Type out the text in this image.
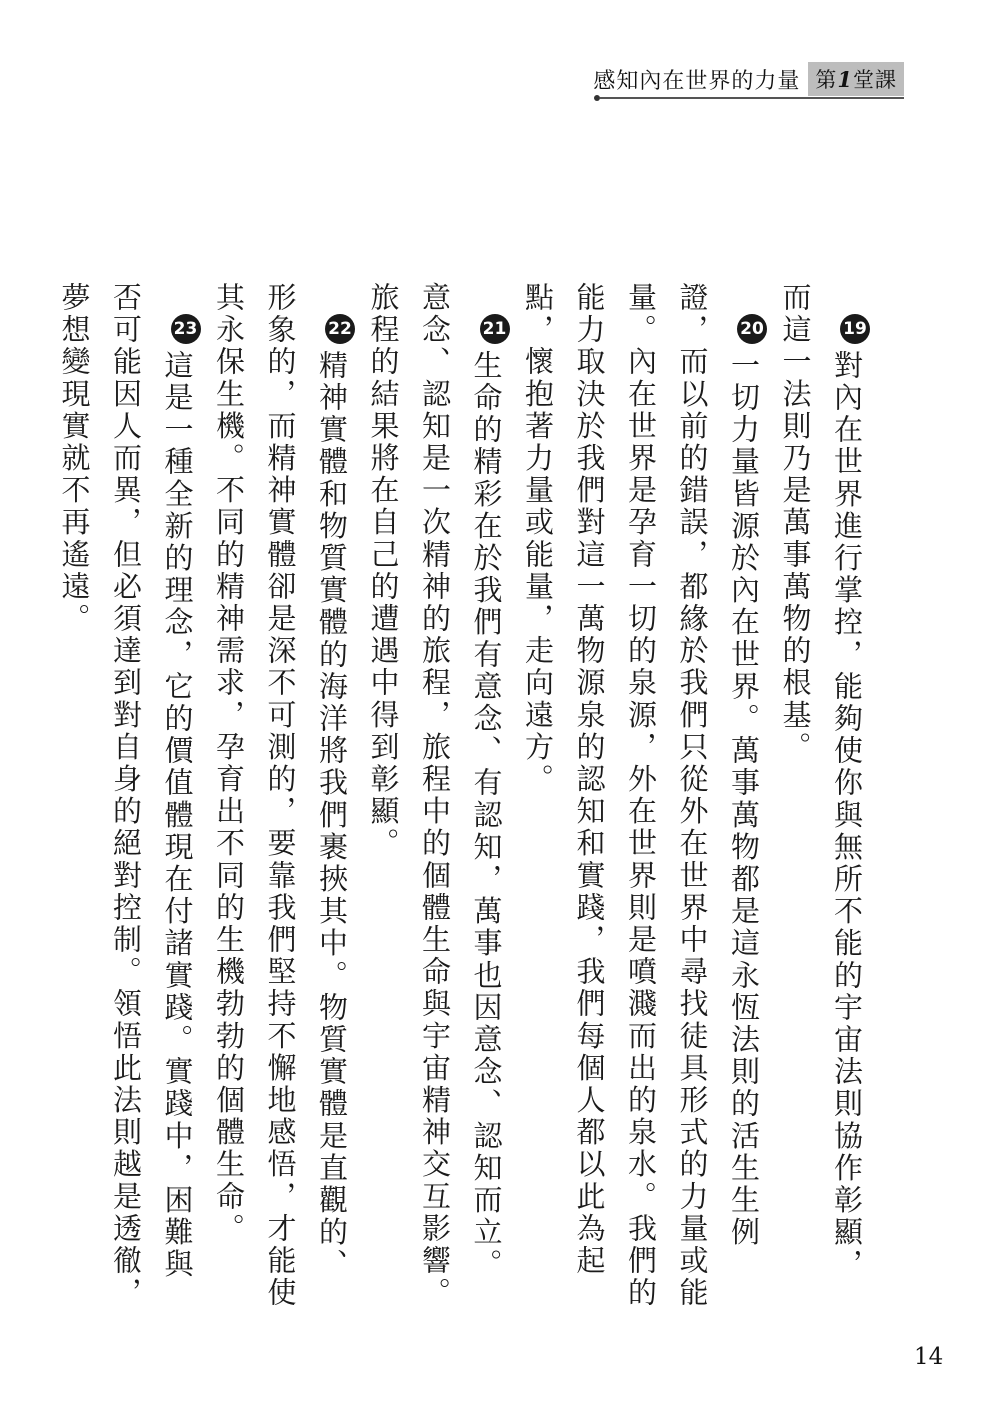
感知內在世界的力量 第1堂課

19對內在世界進行掌控，能夠使你與無所不能的宇宙法則協作彰顯，而這一法則乃是萬事萬物的根基。

20一切力量皆源於內在世界。萬事萬物都是這永恆法則的活生生例證，而以前的錯誤，都緣於我們只從外在世界中尋找徒具形式的力量或能量。內在世界是孕育一切的泉源，外在世界則是噴濺而出的泉水。我們的能力取決於我們對這一萬物源泉的認知和實踐，我們每個人都以此為起點，懷抱著力量或能量，走向遠方。

21生命的精彩在於我們有意念、有認知，萬事也因意念、認知而立。意念、認知是一次精神的旅程，旅程中的個體生命與宇宙精神交互影響。旅程的結果將在自己的遭遇中得到彰顯。

22精神實體和物質實體的海洋將我們裹挾其中。物質實體是直觀的、形象的，而精神實體卻是深不可測的，要靠我們堅持不懈地感悟，才能使其永保生機。不同的精神需求，孕育出不同的生機勃勃的個體生命。

23這是一種全新的理念，它的價值體現在付諸實踐。實踐中，困難與否可能因人而異，但必須達到對自身的絕對控制。領悟此法則越是透徹，夢想變現實就不再遙遠。

14
